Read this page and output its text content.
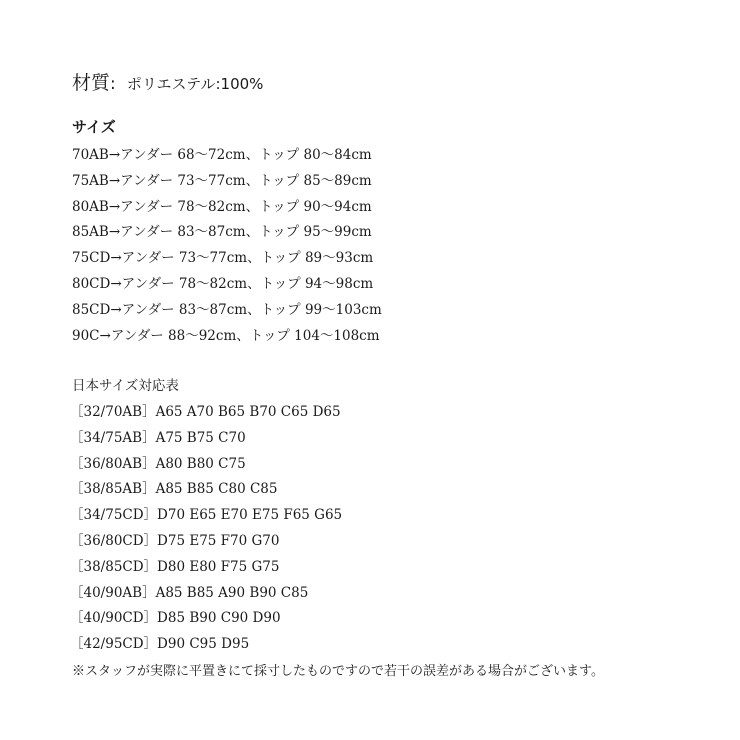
材質: ポリエステル:100%
サイズ
70AB→アンダー 68〜72cm、トップ 80〜84cm
75AB→アンダー 73〜77cm、トップ 85〜89cm
80AB→アンダー 78〜82cm、トップ 90〜94cm
85AB→アンダー 83〜87cm、トップ 95〜99cm
75CD→アンダー 73〜77cm、トップ 89〜93cm
80CD→アンダー 78〜82cm、トップ 94〜98cm
85CD→アンダー 83〜87cm、トップ 99〜103cm
90C→アンダー 88〜92cm、トップ 104〜108cm
日本サイズ対応表
［32/70AB］A65 A70 B65 B70 C65 D65
［34/75AB］A75 B75 C70
［36/80AB］A80 B80 C75
［38/85AB］A85 B85 C80 C85
［34/75CD］D70 E65 E70 E75 F65 G65
［36/80CD］D75 E75 F70 G70
［38/85CD］D80 E80 F75 G75
［40/90AB］A85 B85 A90 B90 C85
［40/90CD］D85 B90 C90 D90
［42/95CD］D90 C95 D95
※スタッフが実際に平置きにて採寸したものですので若干の誤差がある場合がございます。
